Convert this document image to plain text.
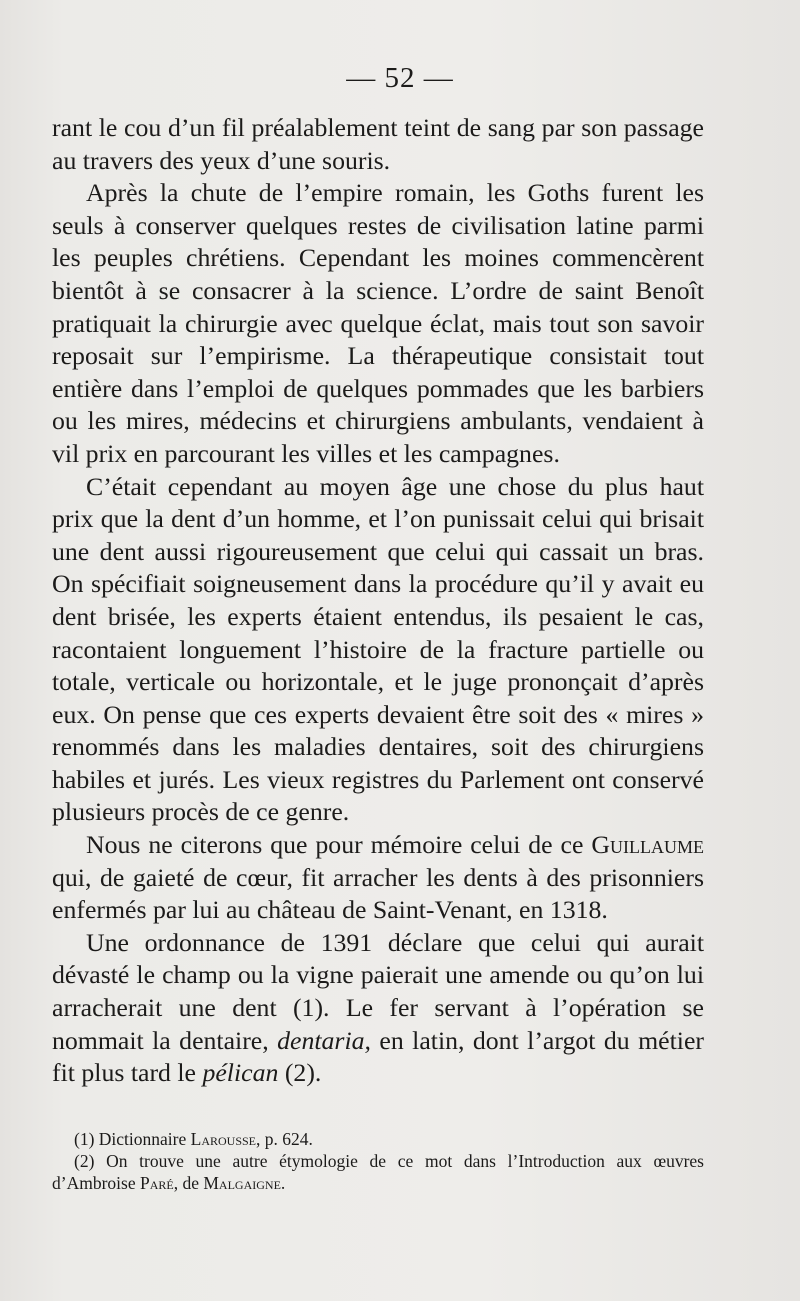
— 52 —

rant le cou d’un fil préalablement teint de sang par son passage au travers des yeux d’une souris.

Après la chute de l’empire romain, les Goths furent les seuls à conserver quelques restes de civilisation latine parmi les peuples chrétiens. Cependant les moines commencèrent bientôt à se consacrer à la science. L’ordre de saint Benoît pratiquait la chirurgie avec quelque éclat, mais tout son savoir reposait sur l’empirisme. La thérapeutique consistait tout entière dans l’emploi de quelques pommades que les barbiers ou les mires, médecins et chirurgiens ambulants, vendaient à vil prix en parcourant les villes et les campagnes.

C’était cependant au moyen âge une chose du plus haut prix que la dent d’un homme, et l’on punissait celui qui brisait une dent aussi rigoureusement que celui qui cassait un bras. On spécifiait soigneusement dans la procédure qu’il y avait eu dent brisée, les experts étaient entendus, ils pesaient le cas, racontaient longuement l’histoire de la fracture partielle ou totale, verticale ou horizontale, et le juge prononçait d’après eux. On pense que ces experts devaient être soit des « mires » renommés dans les maladies dentaires, soit des chirurgiens habiles et jurés. Les vieux registres du Parlement ont conservé plusieurs procès de ce genre.

Nous ne citerons que pour mémoire celui de ce Guillaume qui, de gaieté de cœur, fit arracher les dents à des prisonniers enfermés par lui au château de Saint-Venant, en 1318.

Une ordonnance de 1391 déclare que celui qui aurait dévasté le champ ou la vigne paierait une amende ou qu’on lui arracherait une dent (1). Le fer servant à l’opération se nommait la dentaire, dentaria, en latin, dont l’argot du métier fit plus tard le pélican (2).

(1) Dictionnaire Larousse, p. 624.

(2) On trouve une autre étymologie de ce mot dans l’Introduction aux œuvres d’Ambroise Paré, de Malgaigne.
